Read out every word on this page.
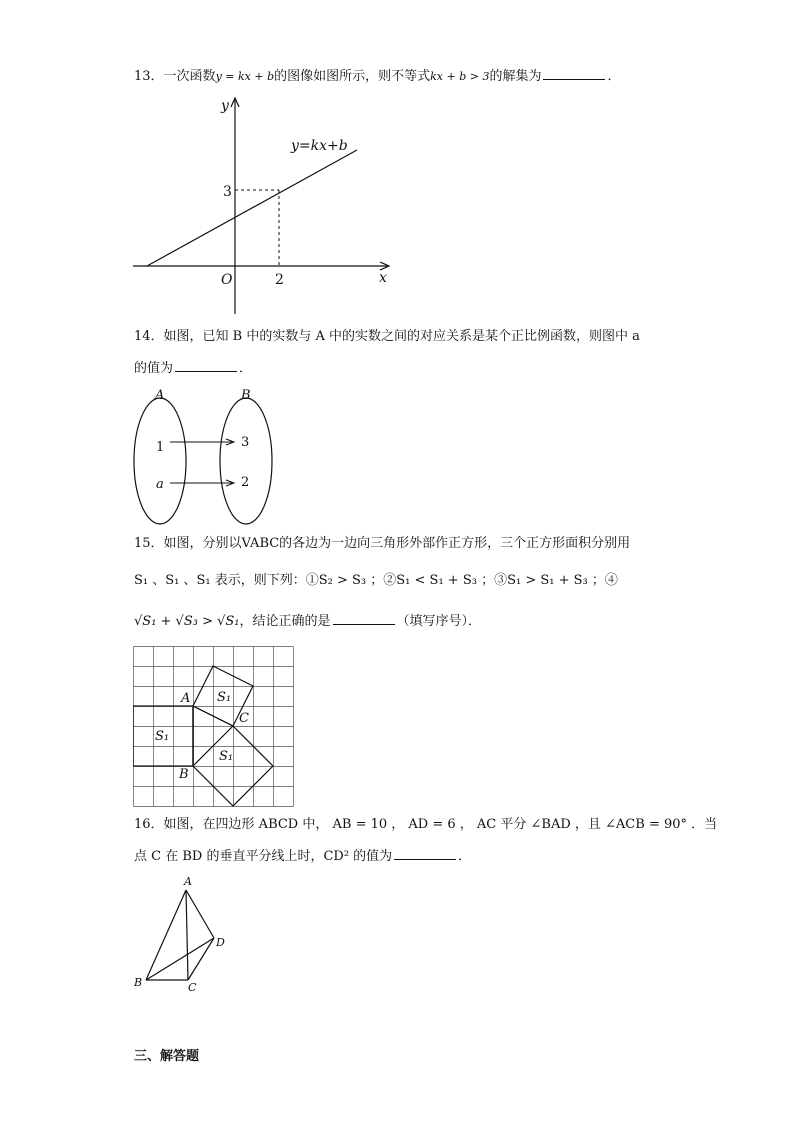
13．一次函数y = kx + b的图像如图所示，则不等式kx + b > 3的解集为	．
y
x
O
y=kx+b
3
2
14．如图，已知 B 中的实数与 A 中的实数之间的对应关系是某个正比例函数，则图中 a
的值为	．
A	B
1
a
3
2
15．如图，分别以VABC的各边为一边向三角形外部作正方形，三个正方形面积分别用
S₁ 、S₁ 、S₁ 表示，则下列：①S₂ > S₃ ；②S₁ < S₁ + S₃ ；③S₁ > S₁ + S₃ ；④
√S₁ + √S₃ > √S₁，结论正确的是	（填写序号）．
A
B
C
S₁
S₁
S₁
16．如图，在四边形 ABCD 中， AB = 10 ， AD = 6 ， AC 平分 ∠BAD ，且 ∠ACB = 90° ．当
点 C 在 BD 的垂直平分线上时，CD² 的值为	．
A
B	C
D
三、解答题
